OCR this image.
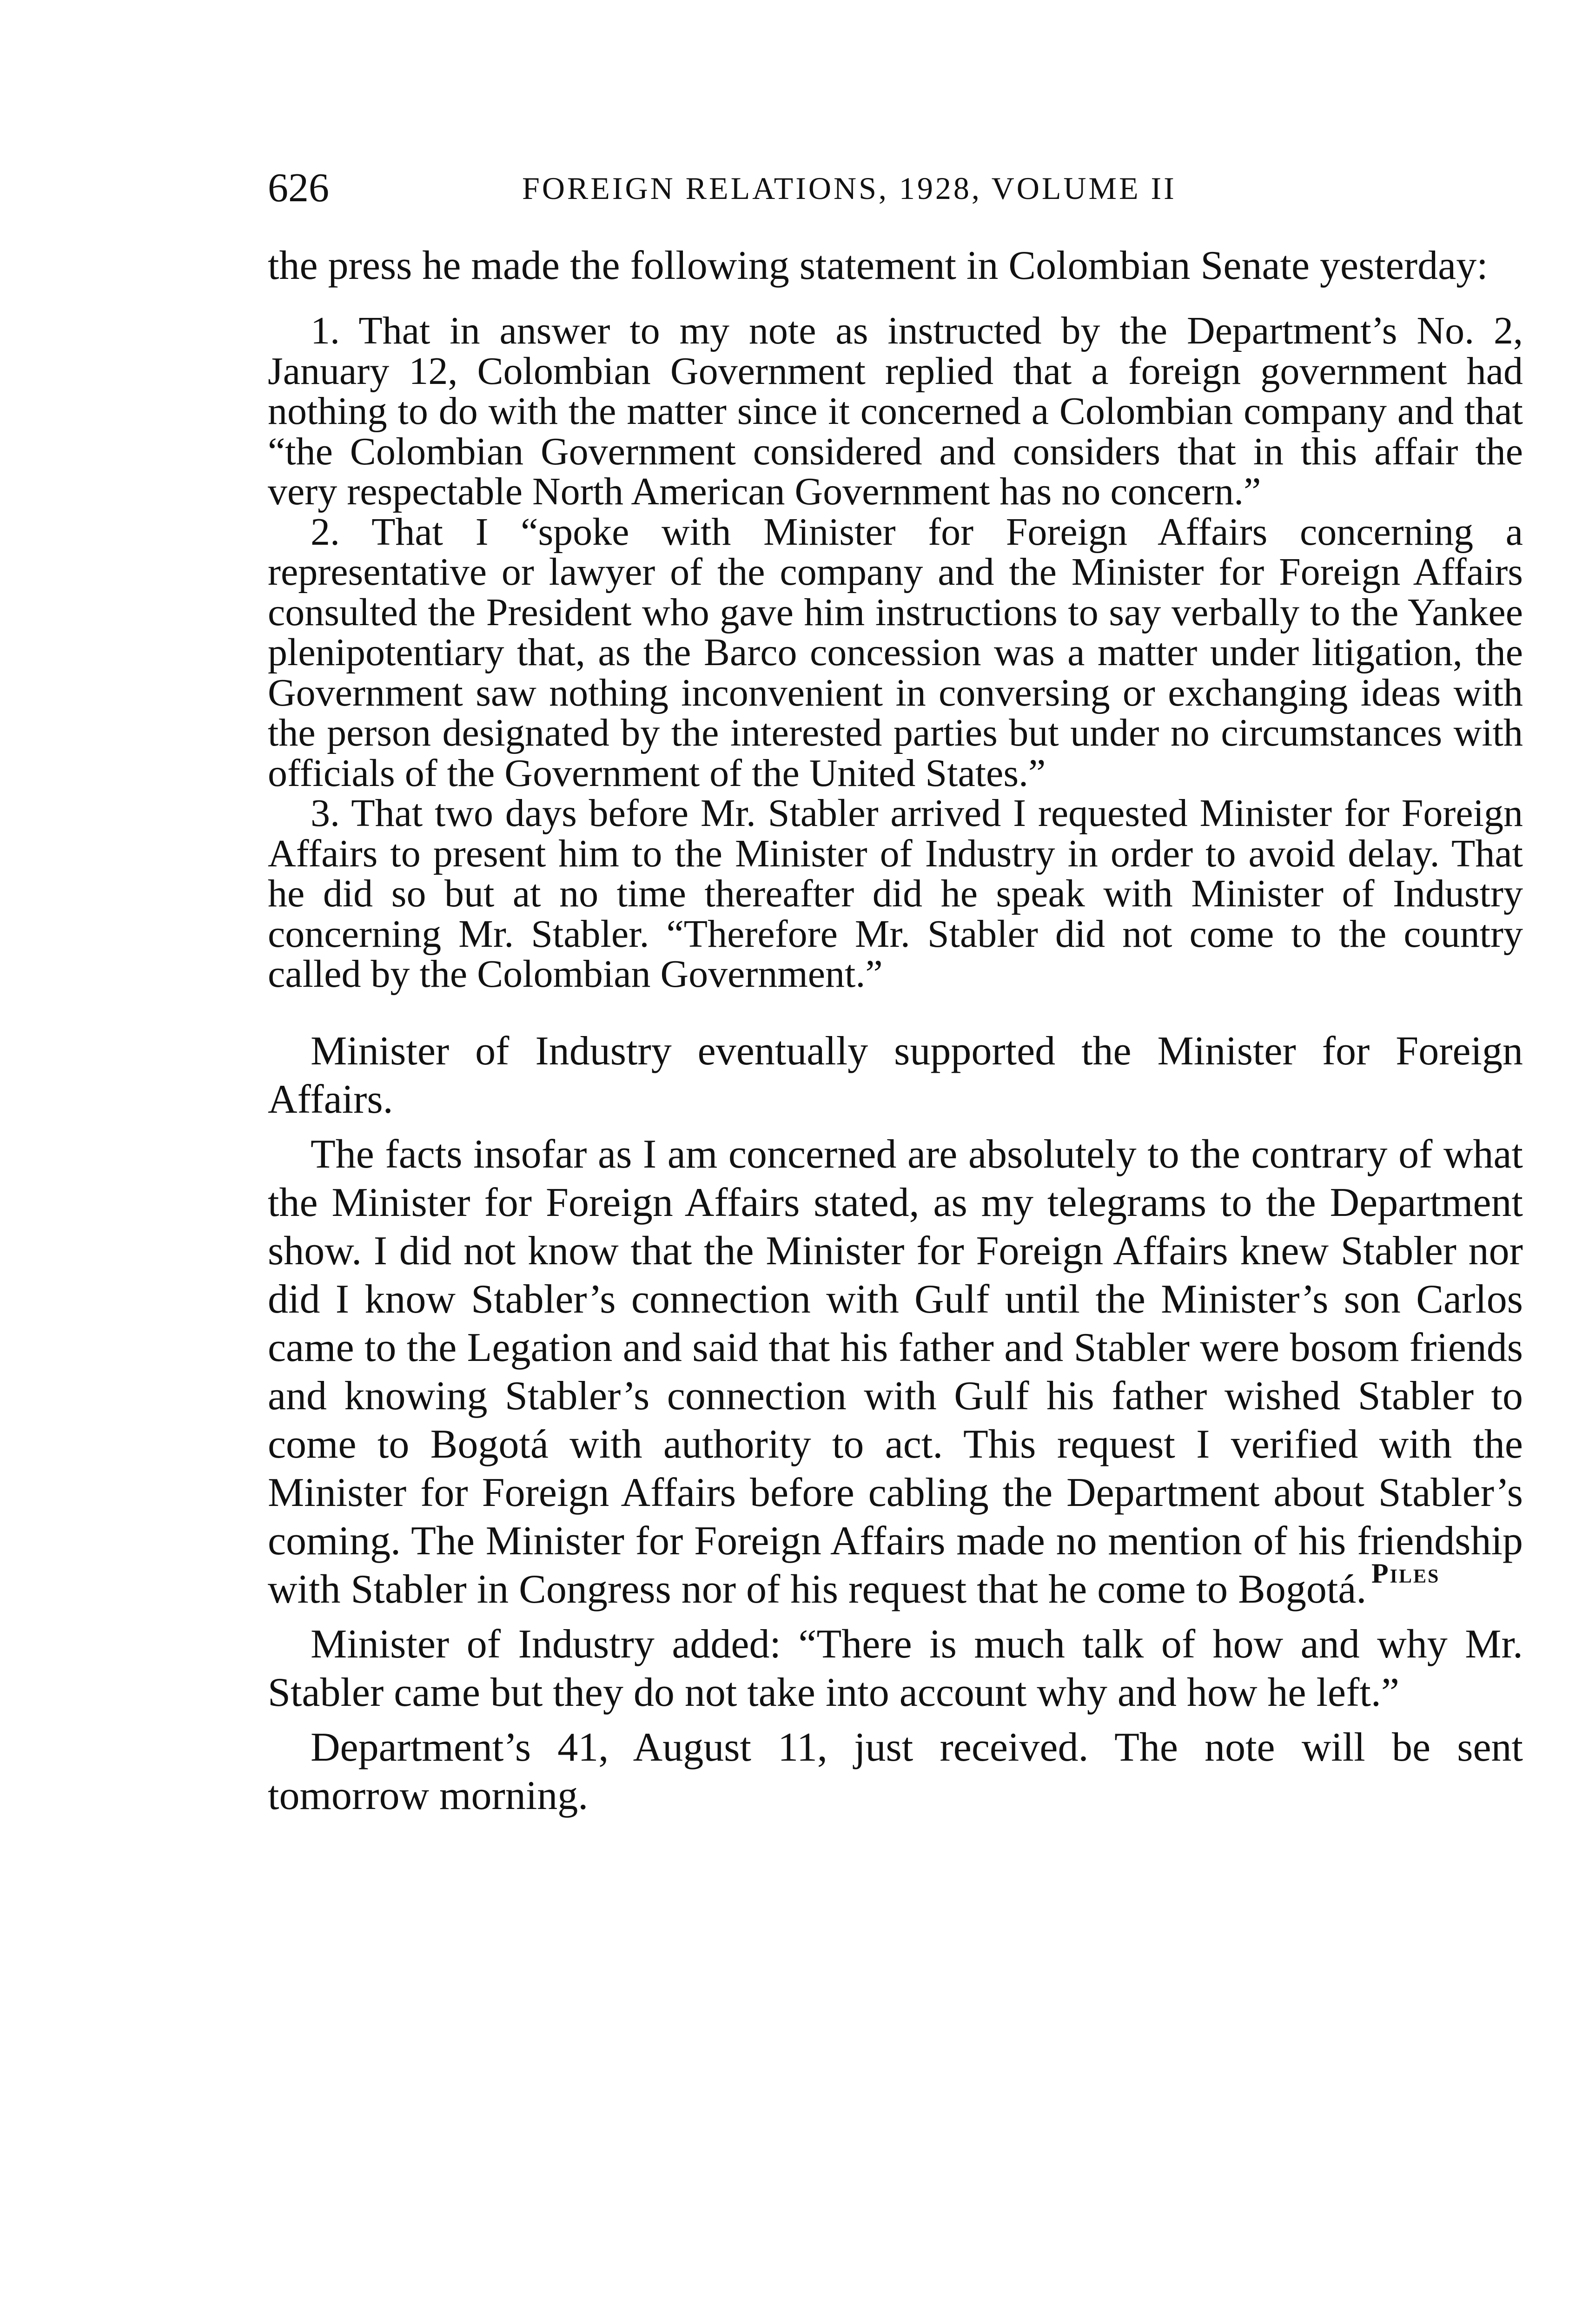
626	FOREIGN RELATIONS, 1928, VOLUME II

the press he made the following statement in Colombian Senate yesterday:

1. That in answer to my note as instructed by the Department’s No. 2, January 12, Colombian Government replied that a foreign government had nothing to do with the matter since it concerned a Colombian company and that “the Colombian Government considered and considers that in this affair the very respectable North American Government has no concern.”

2. That I “spoke with Minister for Foreign Affairs concerning a representative or lawyer of the company and the Minister for Foreign Affairs consulted the President who gave him instructions to say verbally to the Yankee plenipotentiary that, as the Barco concession was a matter under litigation, the Government saw nothing inconvenient in conversing or exchanging ideas with the person designated by the interested parties but under no circumstances with officials of the Government of the United States.”

3. That two days before Mr. Stabler arrived I requested Minister for Foreign Affairs to present him to the Minister of Industry in order to avoid delay. That he did so but at no time thereafter did he speak with Minister of Industry concerning Mr. Stabler. “Therefore Mr. Stabler did not come to the country called by the Colombian Government.”

Minister of Industry eventually supported the Minister for Foreign Affairs.

The facts insofar as I am concerned are absolutely to the contrary of what the Minister for Foreign Affairs stated, as my telegrams to the Department show. I did not know that the Minister for Foreign Affairs knew Stabler nor did I know Stabler’s connection with Gulf until the Minister’s son Carlos came to the Legation and said that his father and Stabler were bosom friends and knowing Stabler’s connection with Gulf his father wished Stabler to come to Bogotá with authority to act. This request I verified with the Minister for Foreign Affairs before cabling the Department about Stabler’s coming. The Minister for Foreign Affairs made no mention of his friendship with Stabler in Congress nor of his request that he come to Bogotá.

Minister of Industry added: “There is much talk of how and why Mr. Stabler came but they do not take into account why and how he left.”

Department’s 41, August 11, just received. The note will be sent tomorrow morning.

Piles
